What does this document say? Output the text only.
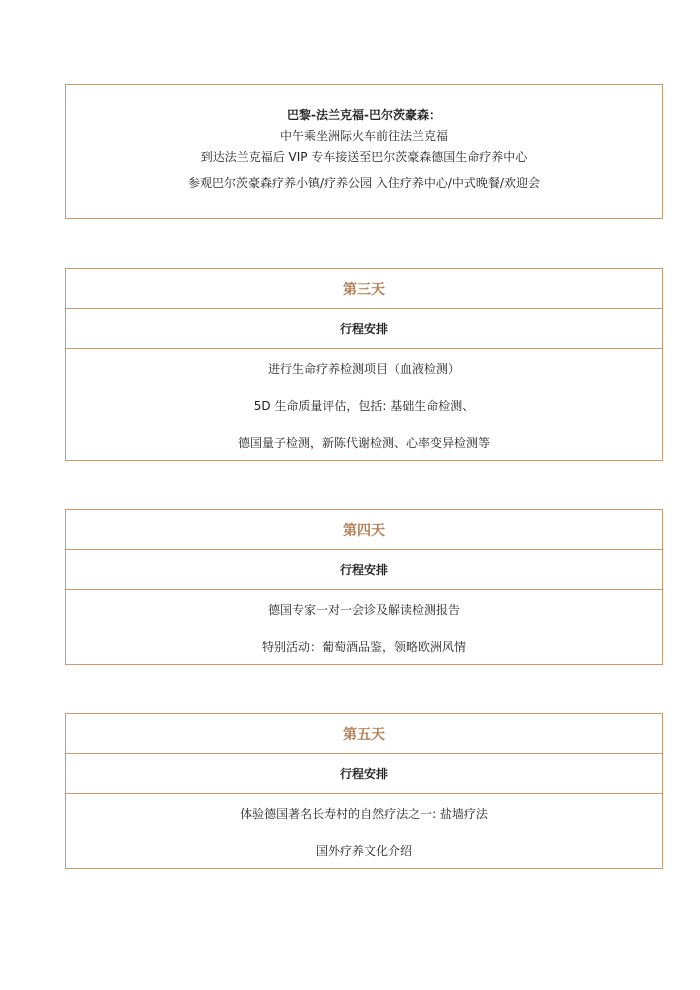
巴黎-法兰克福-巴尔茨豪森：

中午乘坐洲际火车前往法兰克福

到达法兰克福后 VIP 专车接送至巴尔茨豪森德国生命疗养中心

参观巴尔茨豪森疗养小镇/疗养公园 入住疗养中心/中式晚餐/欢迎会

第三天
行程安排

进行生命疗养检测项目（血液检测）

5D 生命质量评估，包括: 基础生命检测、

德国量子检测，新陈代谢检测、心率变异检测等

第四天
行程安排

德国专家一对一会诊及解读检测报告

特别活动：葡萄酒品鉴，领略欧洲风情

第五天
行程安排

体验德国著名长寿村的自然疗法之一: 盐墙疗法

国外疗养文化介绍
